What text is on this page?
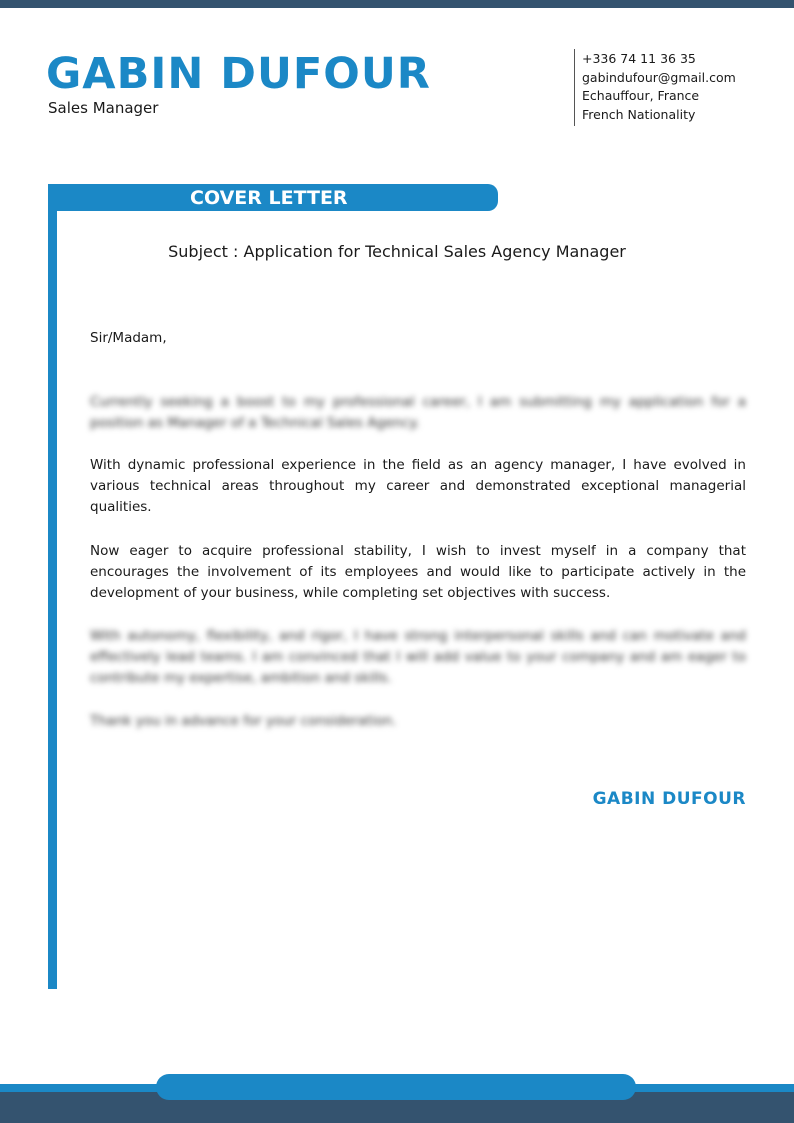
GABIN DUFOUR
Sales Manager
+336 74 11 36 35
gabindufour@gmail.com
Echauffour, France
French Nationality
COVER LETTER
Subject : Application for Technical Sales Agency Manager

Sir/Madam,

Currently seeking a boost to my professional career, I am submitting my application for a position as Manager of a Technical Sales Agency.

With dynamic professional experience in the field as an agency manager, I have evolved in various technical areas throughout my career and demonstrated exceptional managerial qualities.

Now eager to acquire professional stability, I wish to invest myself in a company that encourages the involvement of its employees and would like to participate actively in the development of your business, while completing set objectives with success.

With autonomy, flexibility, and rigor, I have strong interpersonal skills and can motivate and effectively lead teams. I am convinced that I will add value to your company and am eager to contribute my expertise, ambition and skills.

Thank you in advance for your consideration.

GABIN DUFOUR
